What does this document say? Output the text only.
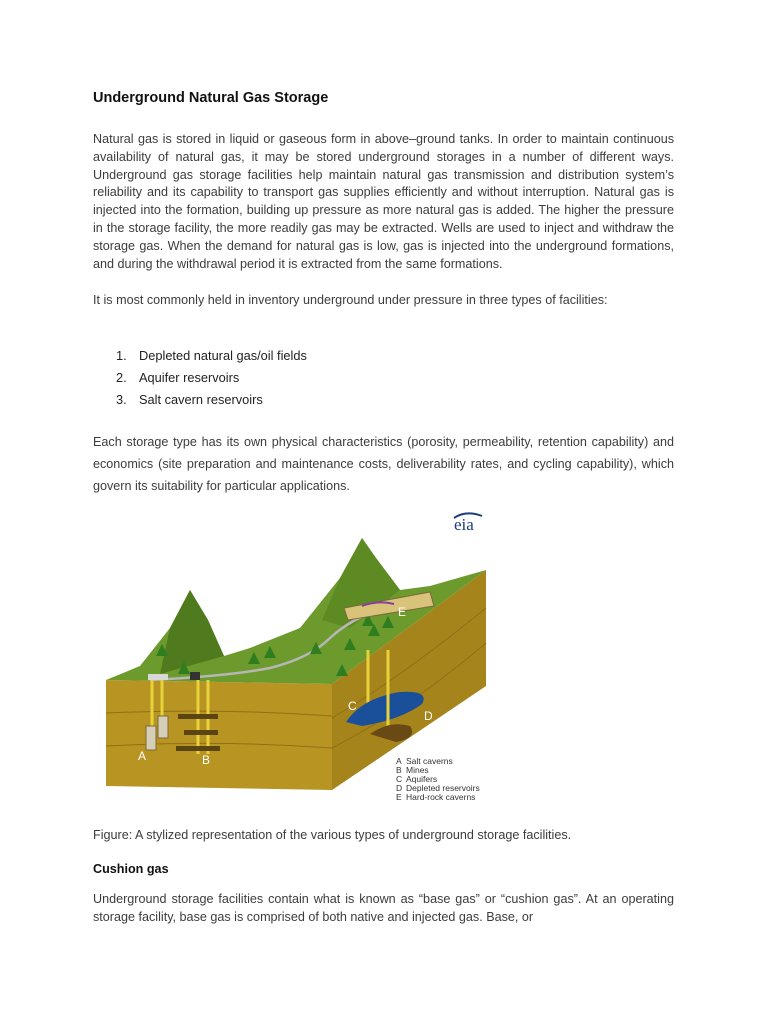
Underground Natural Gas Storage

Natural gas is stored in liquid or gaseous form in above–ground tanks. In order to maintain continuous availability of natural gas, it may be stored underground storages in a number of different ways. Underground gas storage facilities help maintain natural gas transmission and distribution system’s reliability and its capability to transport gas supplies efficiently and without interruption. Natural gas is injected into the formation, building up pressure as more natural gas is added. The higher the pressure in the storage facility, the more readily gas may be extracted. Wells are used to inject and withdraw the storage gas. When the demand for natural gas is low, gas is injected into the underground formations, and during the withdrawal period it is extracted from the same formations.

It is most commonly held in inventory underground under pressure in three types of facilities:

1. Depleted natural gas/oil fields
2. Aquifer reservoirs
3. Salt cavern reservoirs

Each storage type has its own physical characteristics (porosity, permeability, retention capability) and economics (site preparation and maintenance costs, deliverability rates, and cycling capability), which govern its suitability for particular applications.

eia
A	B
C
D
E
A Salt caverns
B Mines
C Aquifers
D Depleted reservoirs
E Hard-rock caverns

Figure: A stylized representation of the various types of underground storage facilities.

Cushion gas

Underground storage facilities contain what is known as “base gas” or “cushion gas”. At an operating storage facility, base gas is comprised of both native and injected gas. Base, or
